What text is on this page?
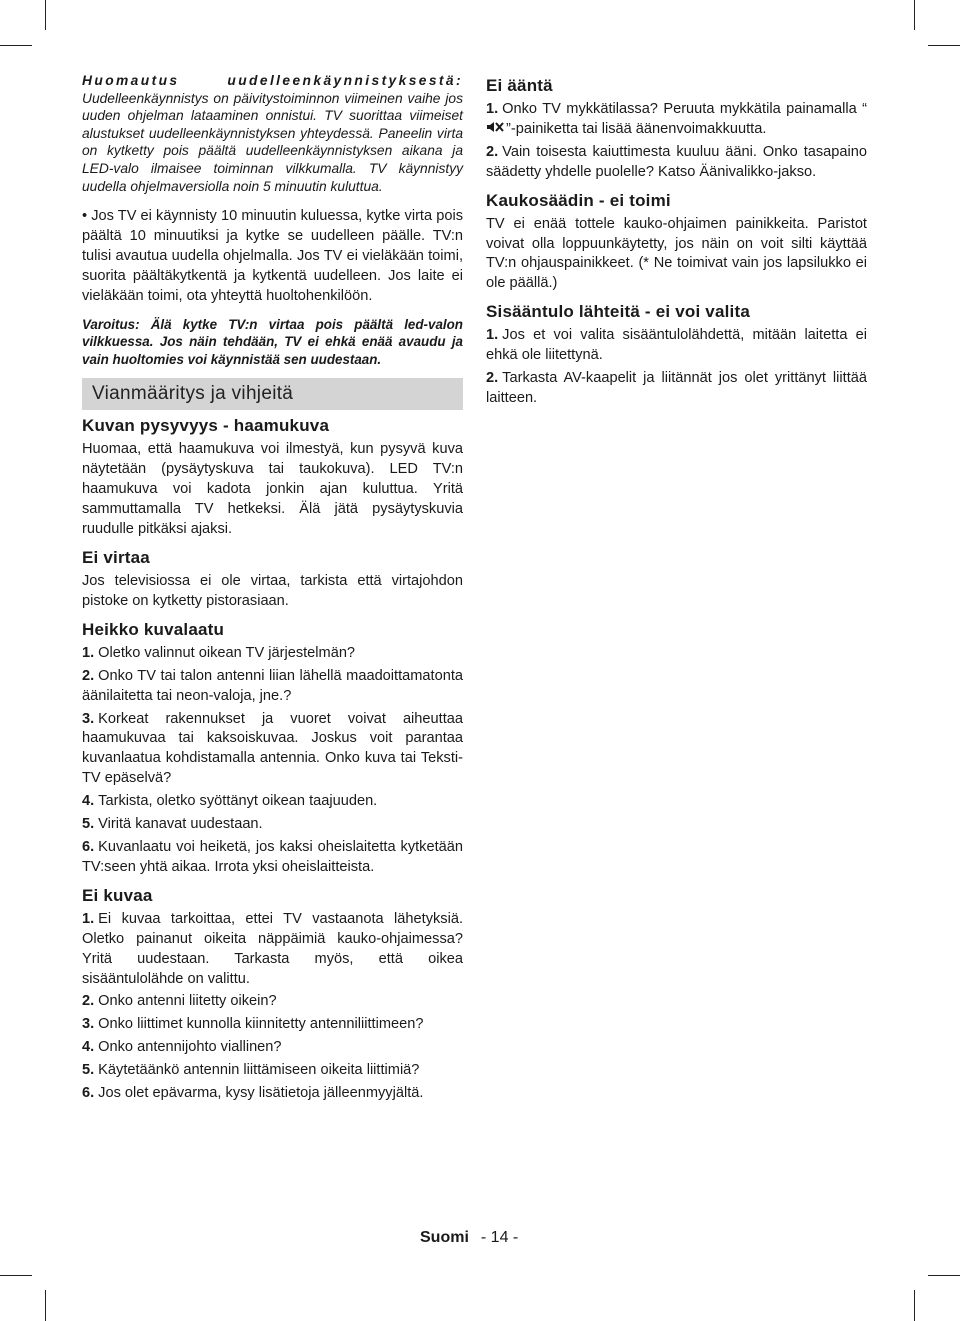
Huomautus uudelleenkäynnistyksestä: Uudelleenkäynnistys on päivitystoiminnon viimeinen vaihe jos uuden ohjelman lataaminen onnistui. TV suorittaa viimeiset alustukset uudelleenkäynnistyksen yhteydessä. Paneelin virta on kytketty pois päältä uudelleenkäynnistyksen aikana ja LED-valo ilmaisee toiminnan vilkkumalla. TV käynnistyy uudella ohjelmaversiolla noin 5 minuutin kuluttua.

• Jos TV ei käynnisty 10 minuutin kuluessa, kytke virta pois päältä 10 minuutiksi ja kytke se uudelleen päälle. TV:n tulisi avautua uudella ohjelmalla. Jos TV ei vieläkään toimi, suorita päältäkytkentä ja kytkentä uudelleen. Jos laite ei vieläkään toimi, ota yhteyttä huoltohenkilöön.

Varoitus: Älä kytke TV:n virtaa pois päältä led-valon vilkkuessa. Jos näin tehdään, TV ei ehkä enää avaudu ja vain huoltomies voi käynnistää sen uudestaan.

Vianmääritys ja vihjeitä
Kuvan pysyvyys - haamukuva

Huomaa, että haamukuva voi ilmestyä, kun pysyvä kuva näytetään (pysäytyskuva tai taukokuva). LED TV:n haamukuva voi kadota jonkin ajan kuluttua. Yritä sammuttamalla TV hetkeksi. Älä jätä pysäytyskuvia ruudulle pitkäksi ajaksi.

Ei virtaa

Jos televisiossa ei ole virtaa, tarkista että virtajohdon pistoke on kytketty pistorasiaan.

Heikko kuvalaatu

1. Oletko valinnut oikean TV järjestelmän?

2. Onko TV tai talon antenni liian lähellä maadoittamatonta äänilaitetta tai neon-valoja, jne.?

3. Korkeat rakennukset ja vuoret voivat aiheuttaa haamukuvaa tai kaksoiskuvaa. Joskus voit parantaa kuvanlaatua kohdistamalla antennia. Onko kuva tai Teksti-TV epäselvä?

4. Tarkista, oletko syöttänyt oikean taajuuden.

5. Viritä kanavat uudestaan.

6. Kuvanlaatu voi heiketä, jos kaksi oheislaitetta kytketään TV:seen yhtä aikaa. Irrota yksi oheislaitteista.

Ei kuvaa

1. Ei kuvaa tarkoittaa, ettei TV vastaanota lähetyksiä. Oletko painanut oikeita näppäimiä kauko-ohjaimessa? Yritä uudestaan. Tarkasta myös, että oikea sisääntulolähde on valittu.

2. Onko antenni liitetty oikein?

3. Onko liittimet kunnolla kiinnitetty antenniliittimeen?

4. Onko antennijohto viallinen?

5. Käytetäänkö antennin liittämiseen oikeita liittimiä?

6. Jos olet epävarma, kysy lisätietoja jälleenmyyjältä.

Ei ääntä

1. Onko TV mykkätilassa? Peruuta mykkätila painamalla “”-painiketta tai lisää äänenvoimakkuutta.

2. Vain toisesta kaiuttimesta kuuluu ääni. Onko tasapaino säädetty yhdelle puolelle? Katso Äänivalikko-jakso.

Kaukosäädin - ei toimi

TV ei enää tottele kauko-ohjaimen painikkeita. Paristot voivat olla loppuunkäytetty, jos näin on voit silti käyttää TV:n ohjauspainikkeet. (* Ne toimivat vain jos lapsilukko ei ole päällä.)

Sisääntulo lähteitä - ei voi valita

1. Jos et voi valita sisääntulolähdettä, mitään laitetta ei ehkä ole liitettynä.

2. Tarkasta AV-kaapelit ja liitännät jos olet yrittänyt liittää laitteen.

Suomi - 14 -
